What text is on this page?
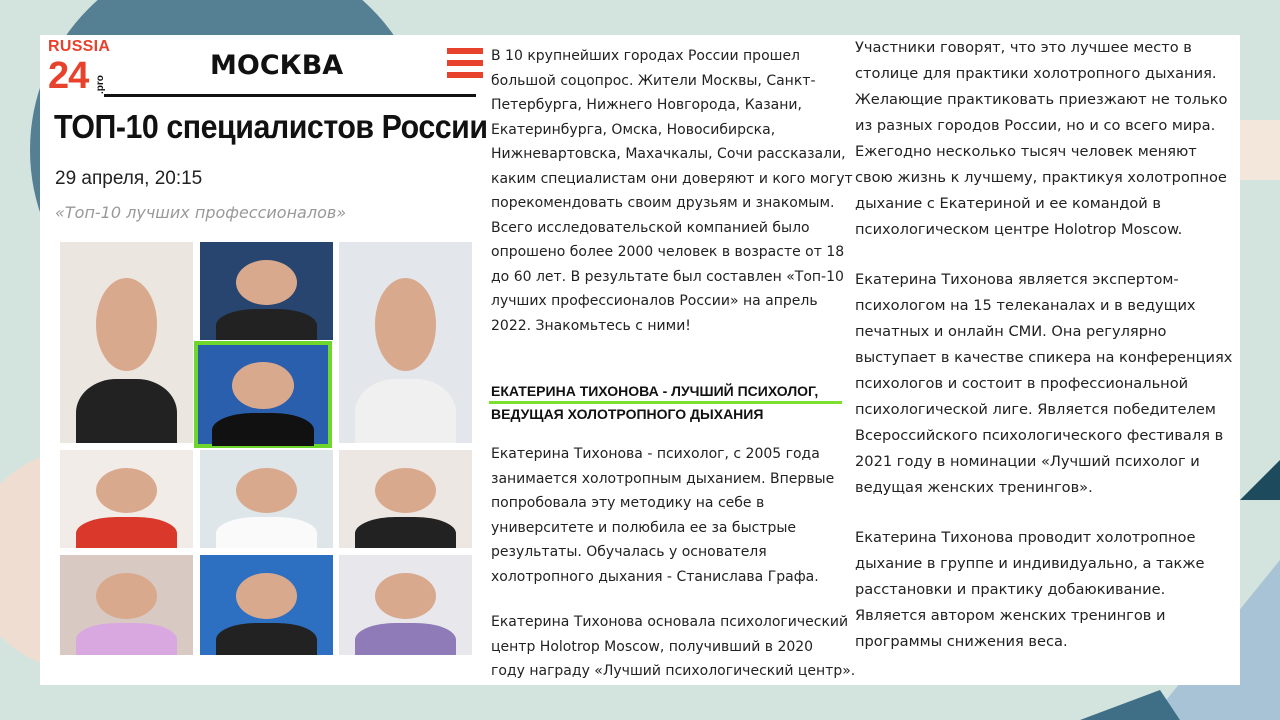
RUSSIA
24 .pro
МОСКВА
ТОП-10 специалистов России
29 апреля, 20:15
«Топ-10 лучших профессионалов»

В 10 крупнейших городах России прошел
большой соцопрос. Жители Москвы, Санкт-
Петербурга, Нижнего Новгорода, Казани,
Екатеринбурга, Омска, Новосибирска,
Нижневартовска, Махачкалы, Сочи рассказали,
каким специалистам они доверяют и кого могут
порекомендовать своим друзьям и знакомым.
Всего исследовательской компанией было
опрошено более 2000 человек в возрасте от 18
до 60 лет. В результате был составлен «Топ-10
лучших профессионалов России» на апрель
2022. Знакомьтесь с ними!

ЕКАТЕРИНА ТИХОНОВА - ЛУЧШИЙ ПСИХОЛОГ,
ВЕДУЩАЯ ХОЛОТРОПНОГО ДЫХАНИЯ

Екатерина Тихонова - психолог, с 2005 года
занимается холотропным дыханием. Впервые
попробовала эту методику на себе в
университете и полюбила ее за быстрые
результаты. Обучалась у основателя
холотропного дыхания - Станислава Графа.

Екатерина Тихонова основала психологический
центр Holotrop Moscow, получивший в 2020
году награду «Лучший психологический центр».

Участники говорят, что это лучшее место в
столице для практики холотропного дыхания.
Желающие практиковать приезжают не только
из разных городов России, но и со всего мира.
Ежегодно несколько тысяч человек меняют
свою жизнь к лучшему, практикуя холотропное
дыхание с Екатериной и ее командой в
психологическом центре Holotrop Moscow.

Екатерина Тихонова является экспертом-
психологом на 15 телеканалах и в ведущих
печатных и онлайн СМИ. Она регулярно
выступает в качестве спикера на конференциях
психологов и состоит в профессиональной
психологической лиге. Является победителем
Всероссийского психологического фестиваля в
2021 году в номинации «Лучший психолог и
ведущая женских тренингов».

Екатерина Тихонова проводит холотропное
дыхание в группе и индивидуально, а также
расстановки и практику добаюкивание.
Является автором женских тренингов и
программы снижения веса.
